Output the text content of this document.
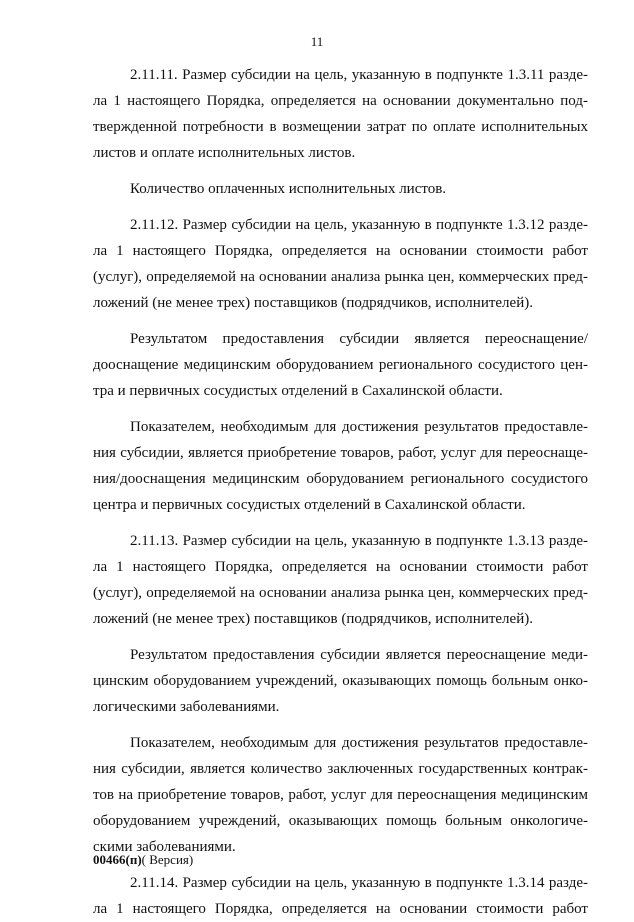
11
2.11.11. Размер субсидии на цель, указанную в подпункте 1.3.11 разде-
ла 1 настоящего Порядка, определяется на основании документально под-
твержденной потребности в возмещении затрат по оплате исполнительных
листов и оплате исполнительных листов.
Количество оплаченных исполнительных листов.
2.11.12. Размер субсидии на цель, указанную в подпункте 1.3.12 разде-
ла 1 настоящего Порядка, определяется на основании стоимости работ
(услуг), определяемой на основании анализа рынка цен, коммерческих пред-
ложений (не менее трех) поставщиков (подрядчиков, исполнителей).
Результатом предоставления субсидии является переоснащение/
дооснащение медицинским оборудованием регионального сосудистого цен-
тра и первичных сосудистых отделений в Сахалинской области.
Показателем, необходимым для достижения результатов предоставле-
ния субсидии, является приобретение товаров, работ, услуг для переоснаще-
ния/дооснащения медицинским оборудованием регионального сосудистого
центра и первичных сосудистых отделений в Сахалинской области.
2.11.13. Размер субсидии на цель, указанную в подпункте 1.3.13 разде-
ла 1 настоящего Порядка, определяется на основании стоимости работ
(услуг), определяемой на основании анализа рынка цен, коммерческих пред-
ложений (не менее трех) поставщиков (подрядчиков, исполнителей).
Результатом предоставления субсидии является переоснащение меди-
цинским оборудованием учреждений, оказывающих помощь больным онко-
логическими заболеваниями.
Показателем, необходимым для достижения результатов предоставле-
ния субсидии, является количество заключенных государственных контрак-
тов на приобретение товаров, работ, услуг для переоснащения медицинским
оборудованием учреждений, оказывающих помощь больным онкологиче-
скими заболеваниями.
2.11.14. Размер субсидии на цель, указанную в подпункте 1.3.14 разде-
ла 1 настоящего Порядка, определяется на основании стоимости работ
00466(п)( Версия)
